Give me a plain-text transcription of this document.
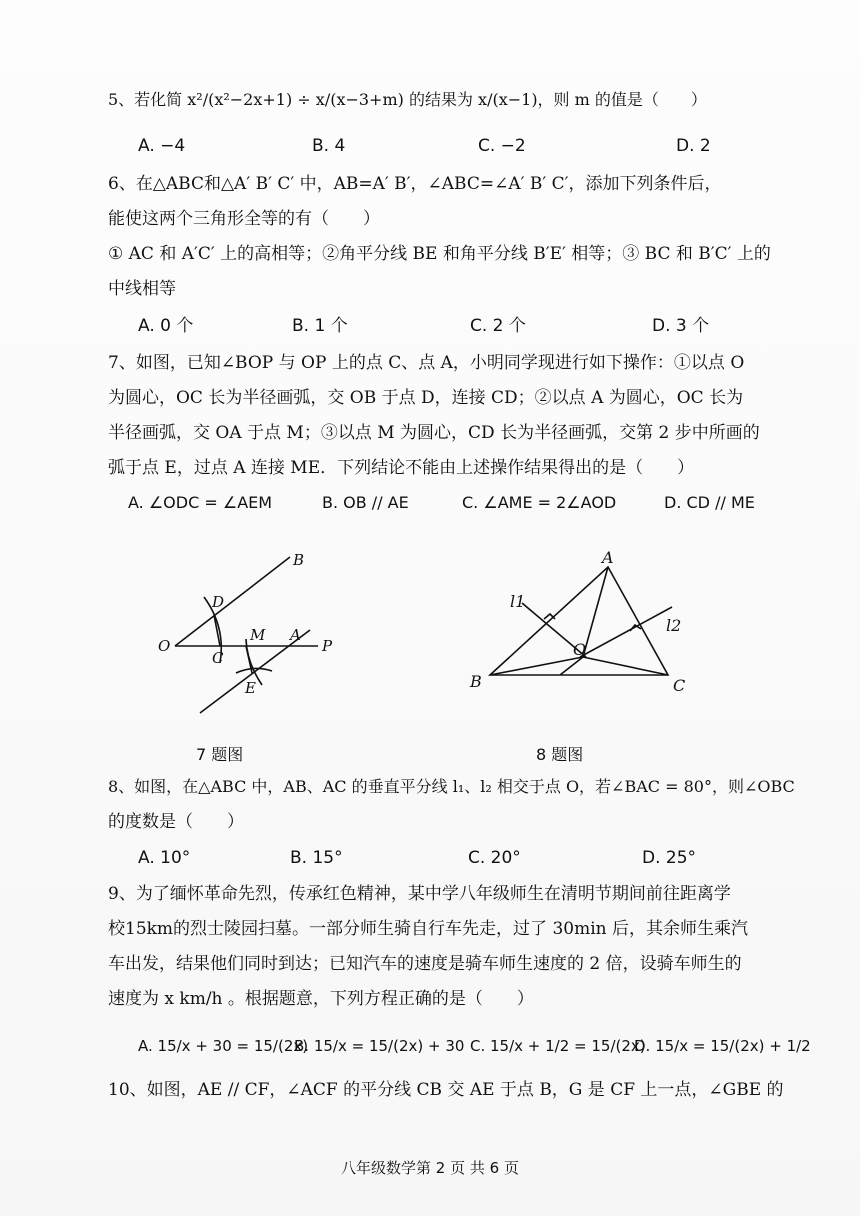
5、若化简 x²/(x²−2x+1) ÷ x/(x−3+m) 的结果为 x/(x−1)，则 m 的值是（　　）
A. −4	B. 4	C. −2	D. 2
6、在△ABC和△A′ B′ C′ 中，AB=A′ B′，∠ABC=∠A′ B′ C′，添加下列条件后，
能使这两个三角形全等的有（　　）
① AC 和 A′C′ 上的高相等；②角平分线 BE 和角平分线 B′E′ 相等；③ BC 和 B′C′ 上的
中线相等
A. 0 个	B. 1 个	C. 2 个	D. 3 个
7、如图，已知∠BOP 与 OP 上的点 C、点 A，小明同学现进行如下操作：①以点 O
为圆心，OC 长为半径画弧，交 OB 于点 D，连接 CD；②以点 A 为圆心，OC 长为
半径画弧，交 OA 于点 M；③以点 M 为圆心，CD 长为半径画弧，交第 2 步中所画的
弧于点 E，过点 A 连接 ME．下列结论不能由上述操作结果得出的是（　　）
A. ∠ODC = ∠AEM	B. OB // AE	C. ∠AME = 2∠AOD	D. CD // ME
B
D
O
C
M A
P
E
7 题图
A
l1
l2
O
B	C
8 题图
8、如图，在△ABC 中，AB、AC 的垂直平分线 l₁、l₂ 相交于点 O，若∠BAC = 80°，则∠OBC
的度数是（　　）
A. 10°	B. 15°	C. 20°	D. 25°
9、为了缅怀革命先烈，传承红色精神，某中学八年级师生在清明节期间前往距离学
校15km的烈士陵园扫墓。一部分师生骑自行车先走，过了 30min 后，其余师生乘汽
车出发，结果他们同时到达；已知汽车的速度是骑车师生速度的 2 倍，设骑车师生的
速度为 x km/h 。根据题意，下列方程正确的是（　　）
A. 15/x + 30 = 15/(2x)
B. 15/x = 15/(2x) + 30 C. 15/x + 1/2 = 15/(2x)
D. 15/x = 15/(2x) + 1/2
10、如图，AE // CF，∠ACF 的平分线 CB 交 AE 于点 B，G 是 CF 上一点，∠GBE 的
八年级数学第 2 页 共 6 页
